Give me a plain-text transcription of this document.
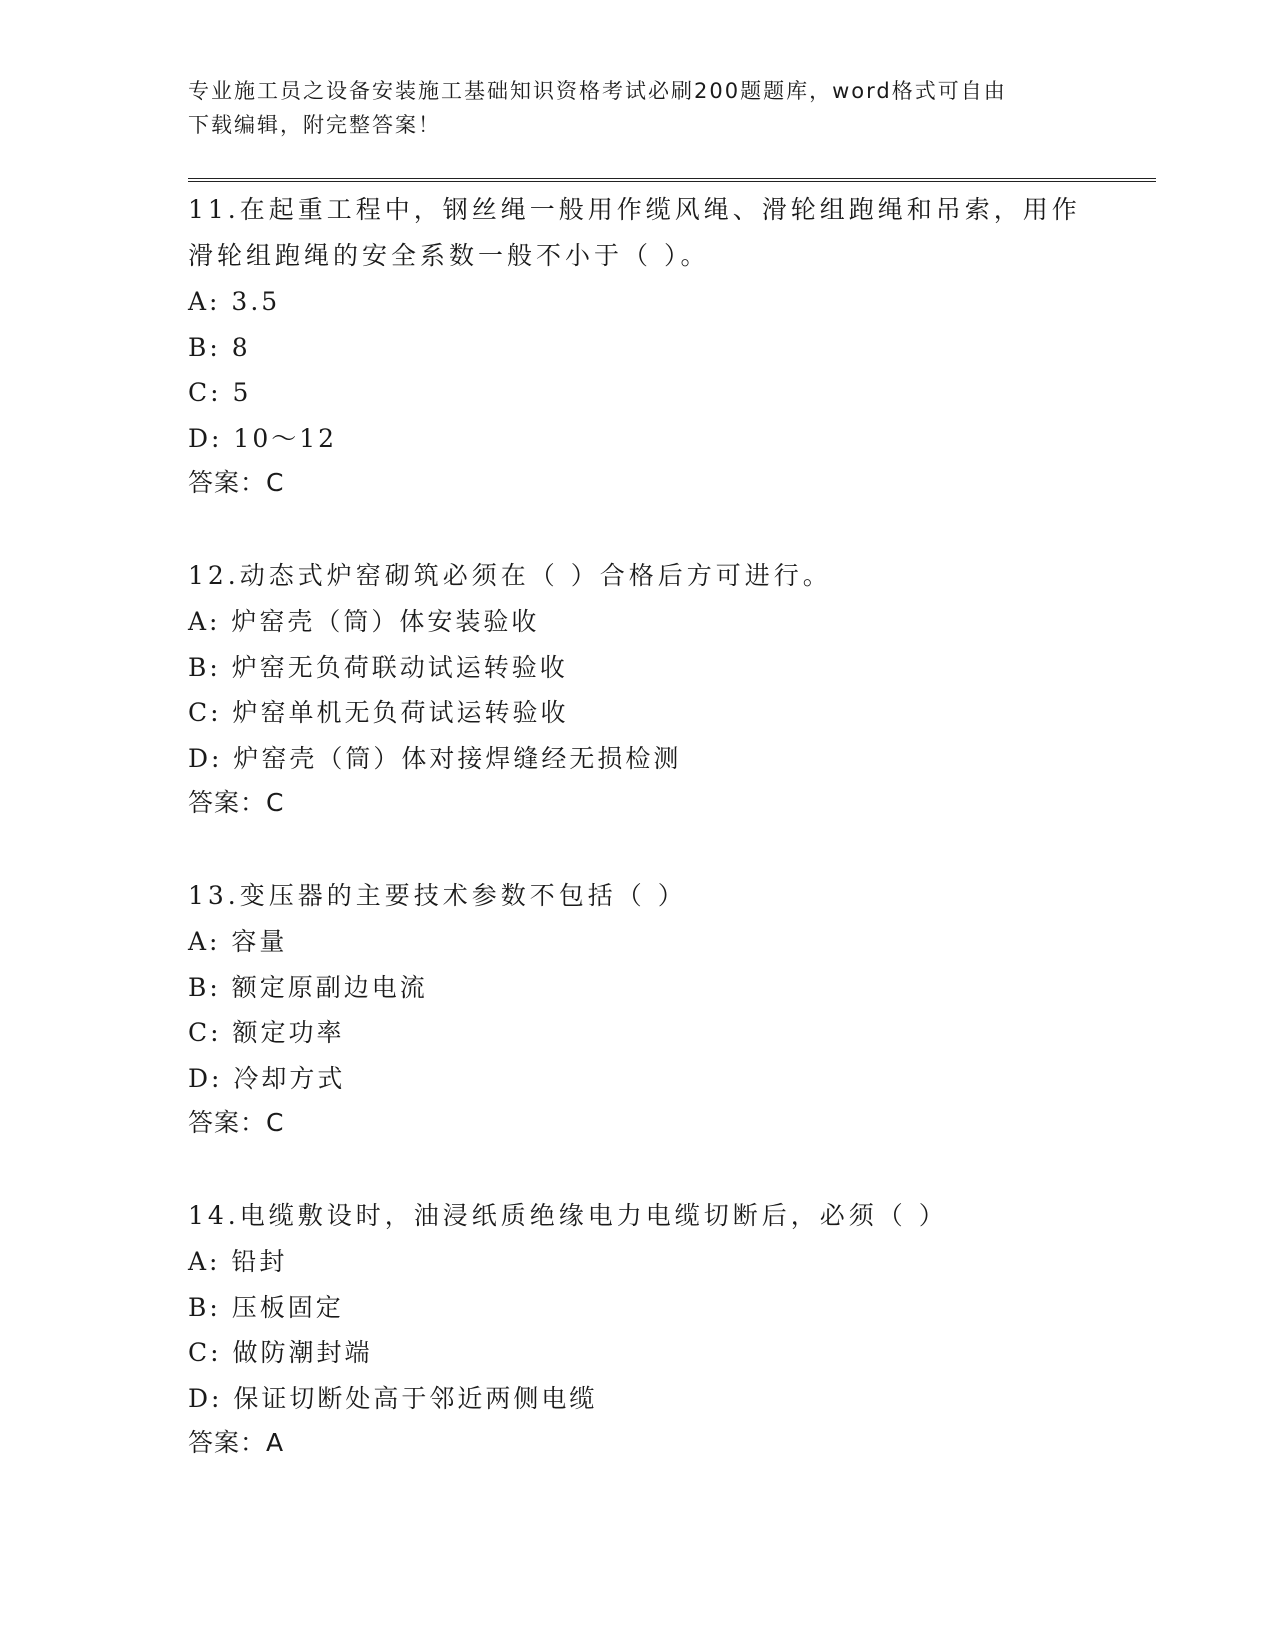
专业施工员之设备安装施工基础知识资格考试必刷200题题库，word格式可自由
下载编辑，附完整答案！

11.在起重工程中，钢丝绳一般用作缆风绳、滑轮组跑绳和吊索，用作

滑轮组跑绳的安全系数一般不小于（ ）。

A: 3.5

B: 8

C: 5

D: 10～12

答案：C

12.动态式炉窑砌筑必须在（ ）合格后方可进行。

A: 炉窑壳（筒）体安装验收

B: 炉窑无负荷联动试运转验收

C: 炉窑单机无负荷试运转验收

D: 炉窑壳（筒）体对接焊缝经无损检测

答案：C

13.变压器的主要技术参数不包括（ ）

A: 容量

B: 额定原副边电流

C: 额定功率

D: 冷却方式

答案：C

14.电缆敷设时，油浸纸质绝缘电力电缆切断后，必须（ ）

A: 铅封

B: 压板固定

C: 做防潮封端

D: 保证切断处高于邻近两侧电缆

答案：A
